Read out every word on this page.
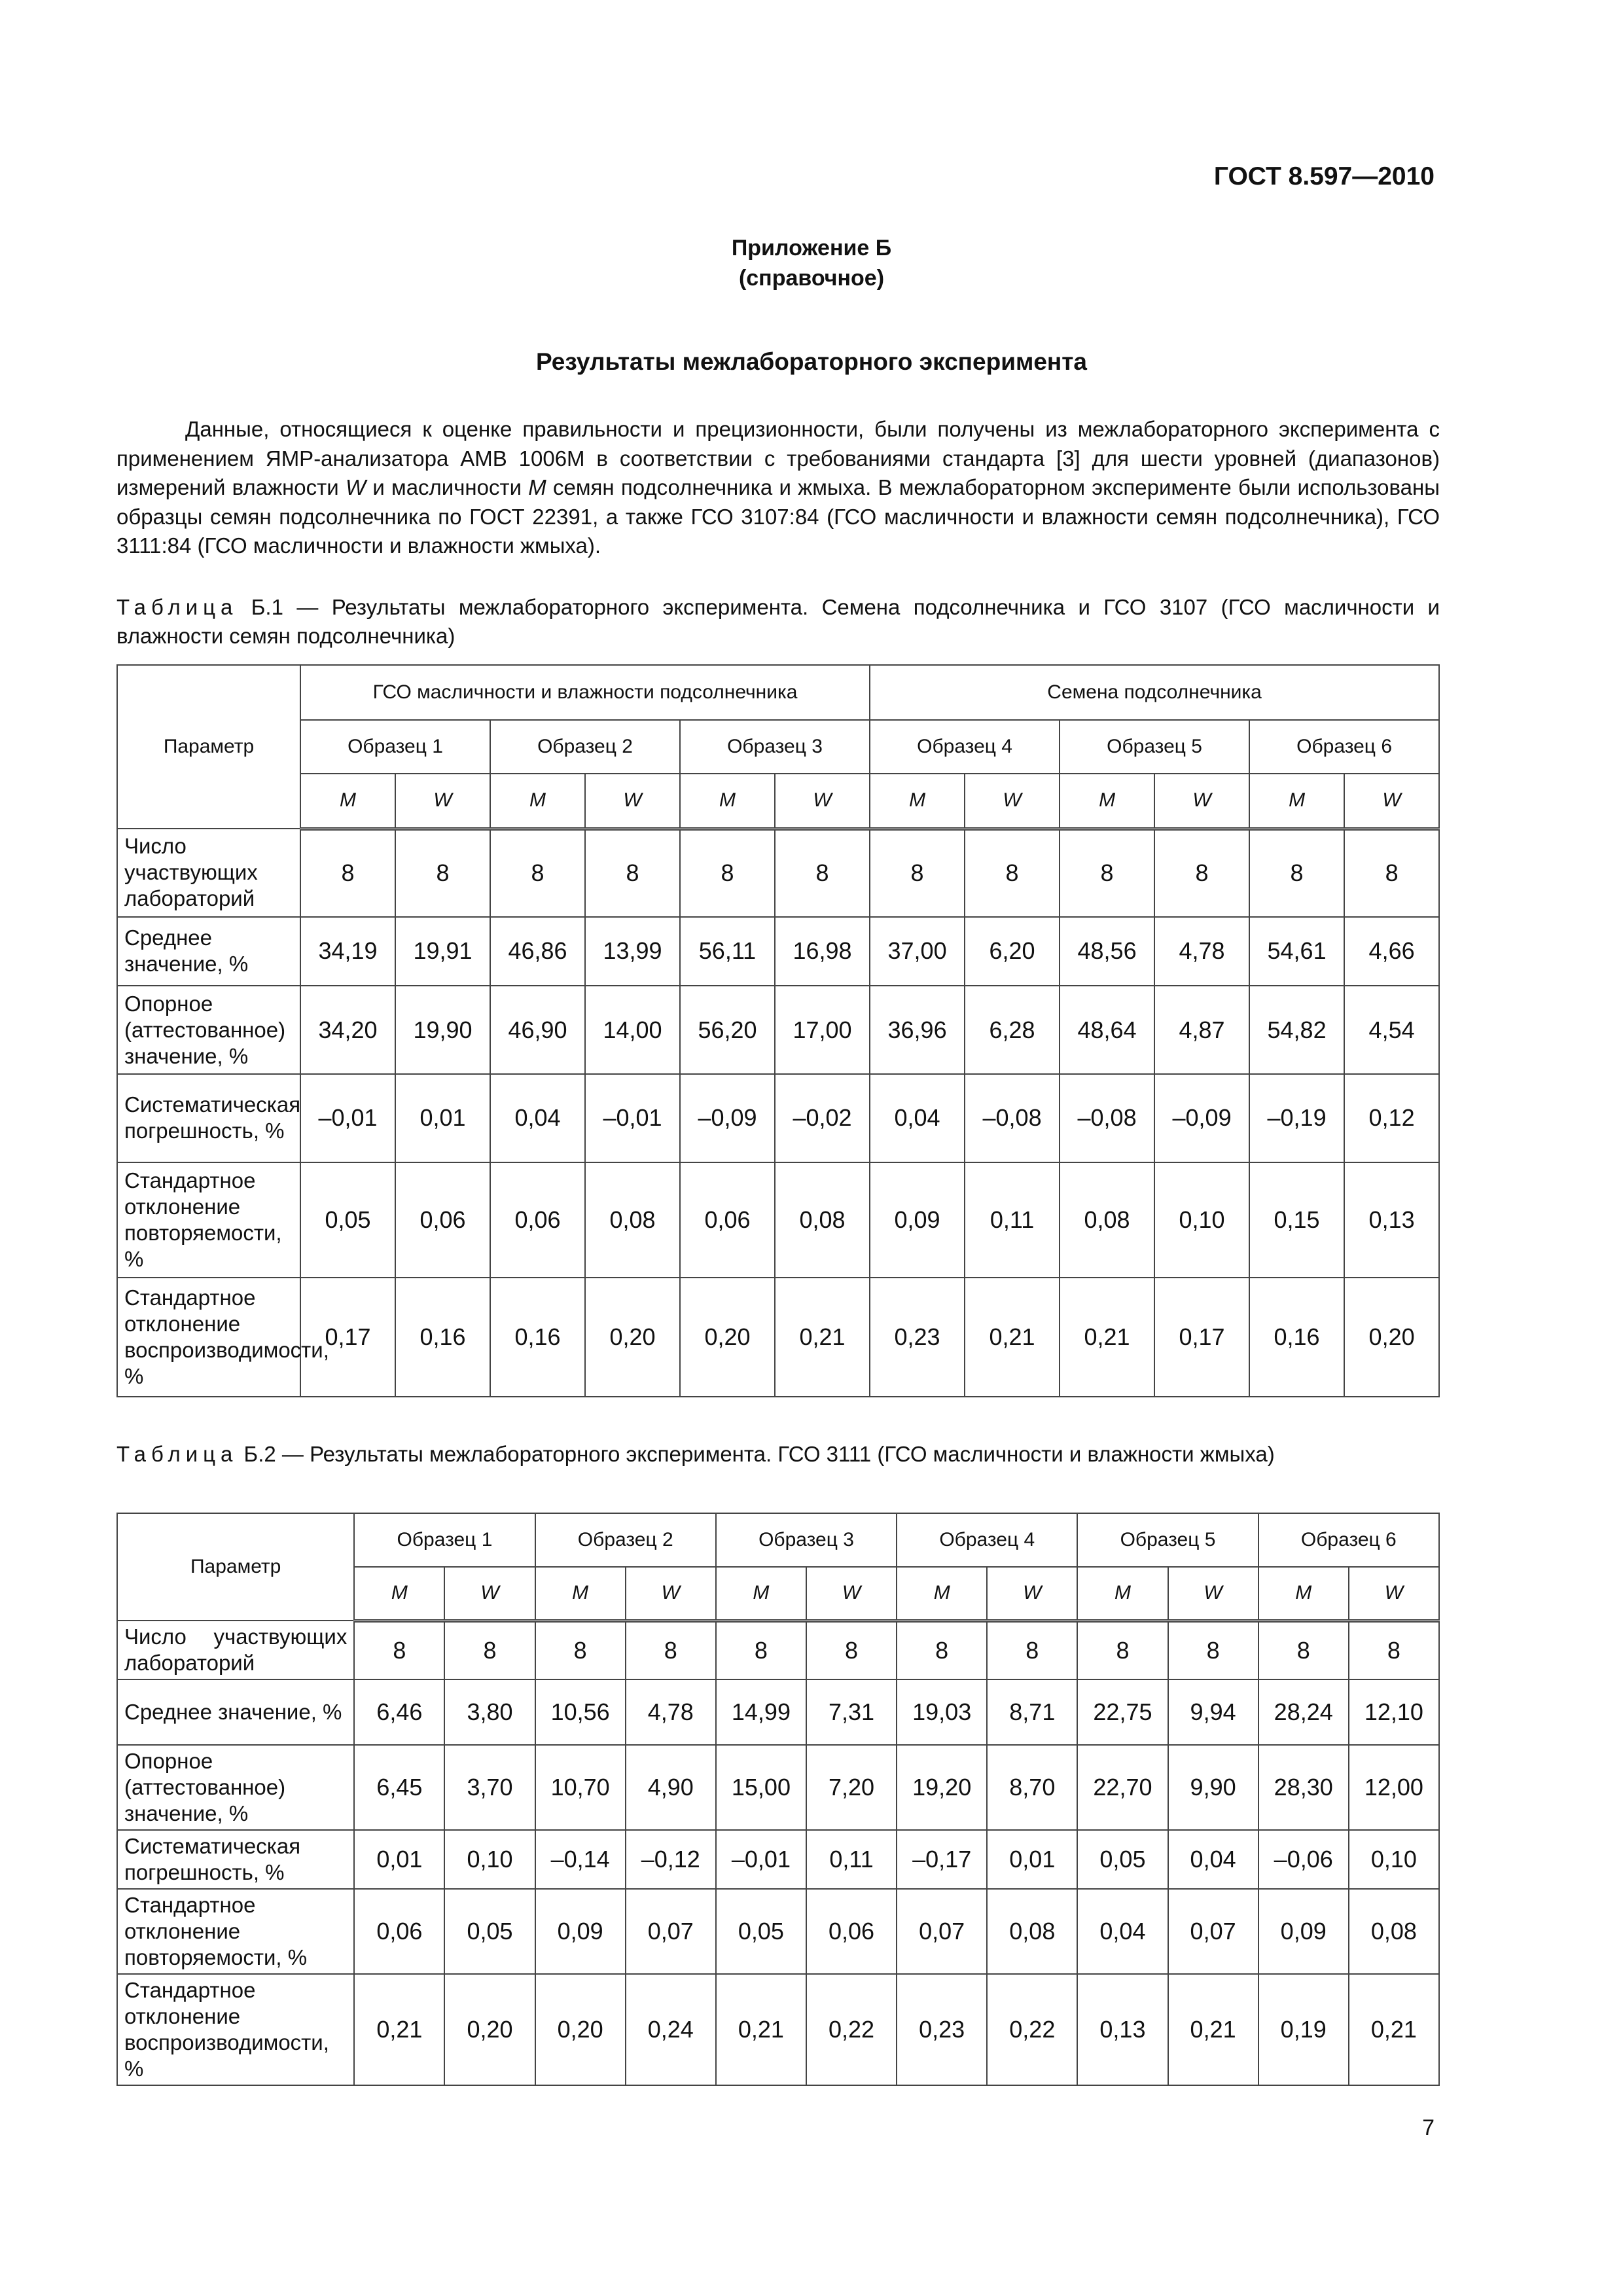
ГОСТ 8.597—2010
Приложение Б
(справочное)
Результаты межлабораторного эксперимента
Данные, относящиеся к оценке правильности и прецизионности, были получены из межлабораторного эксперимента с применением ЯМР-анализатора АМВ 1006М в соответствии с требованиями стандарта [3] для шести уровней (диапазонов) измерений влажности W и масличности M семян подсолнечника и жмыха. В межлабораторном эксперименте были использованы образцы семян подсолнечника по ГОСТ 22391, а также ГСО 3107:84 (ГСО масличности и влажности семян подсолнечника), ГСО 3111:84 (ГСО масличности и влажности жмыха).
Таблица Б.1 — Результаты межлабораторного эксперимента. Семена подсолнечника и ГСО 3107 (ГСО масличности и влажности семян подсолнечника)
Параметр	ГСО масличности и влажности подсолнечника						Семена подсолнечника					
	Образец 1		Образец 2		Образец 3		Образец 4		Образец 5		Образец 6	
	M	W	M	W	M	W	M	W	M	W	M	W
Число участвующих лабораторий	8	8	8	8	8	8	8	8	8	8	8	8
Среднее значение, %	34,19	19,91	46,86	13,99	56,11	16,98	37,00	6,20	48,56	4,78	54,61	4,66
Опорное (аттестованное) значение, %	34,20	19,90	46,90	14,00	56,20	17,00	36,96	6,28	48,64	4,87	54,82	4,54
Систематическая погрешность, %	–0,01	0,01	0,04	–0,01	–0,09	–0,02	0,04	–0,08	–0,08	–0,09	–0,19	0,12
Стандартное отклонение повторяемости, %	0,05	0,06	0,06	0,08	0,06	0,08	0,09	0,11	0,08	0,10	0,15	0,13
Стандартное отклонение воспроизводимости, %	0,17	0,16	0,16	0,20	0,20	0,21	0,23	0,21	0,21	0,17	0,16	0,20
Таблица Б.2 — Результаты межлабораторного эксперимента. ГСО 3111 (ГСО масличности и влажности жмыха)
Параметр	Образец 1		Образец 2		Образец 3		Образец 4		Образец 5		Образец 6	
	M	W	M	W	M	W	M	W	M	W	M	W
Число участвующих лабораторий	8	8	8	8	8	8	8	8	8	8	8	8
Среднее значение, %	6,46	3,80	10,56	4,78	14,99	7,31	19,03	8,71	22,75	9,94	28,24	12,10
Опорное (аттестованное) значение, %	6,45	3,70	10,70	4,90	15,00	7,20	19,20	8,70	22,70	9,90	28,30	12,00
Систематическая погрешность, %	0,01	0,10	–0,14	–0,12	–0,01	0,11	–0,17	0,01	0,05	0,04	–0,06	0,10
Стандартное отклонение повторяемости, %	0,06	0,05	0,09	0,07	0,05	0,06	0,07	0,08	0,04	0,07	0,09	0,08
Стандартное отклонение воспроизводимости, %	0,21	0,20	0,20	0,24	0,21	0,22	0,23	0,22	0,13	0,21	0,19	0,21
7
